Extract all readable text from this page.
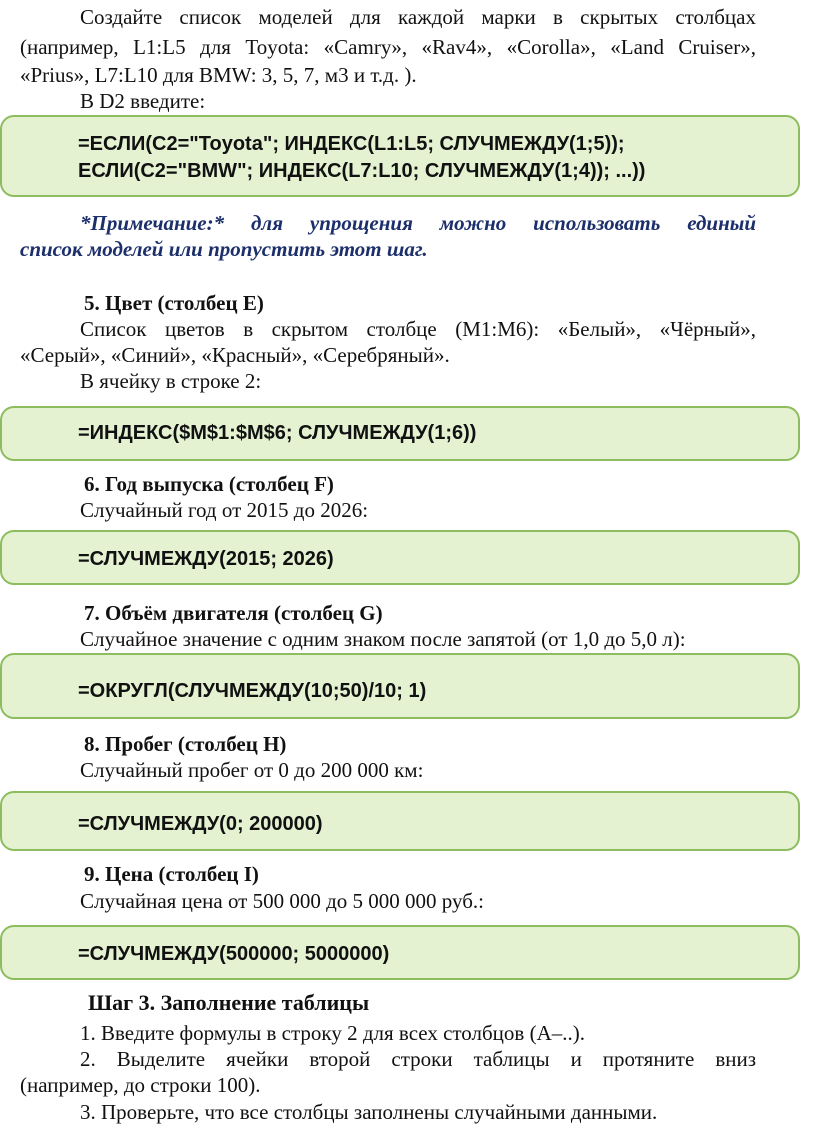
Создайте список моделей для каждой марки в скрытых столбцах
(например, L1:L5 для Toyota: «Camry», «Rav4», «Corolla», «Land Cruiser»,
«Prius», L7:L10 для BMW: 3, 5, 7, м3 и т.д. ).
В D2 введите:
=ЕСЛИ(C2="Toyota"; ИНДЕКС(L1:L5; СЛУЧМЕЖДУ(1;5));
ЕСЛИ(C2="BMW"; ИНДЕКС(L7:L10; СЛУЧМЕЖДУ(1;4)); ...))
*Примечание:* для упрощения можно использовать единый
список моделей или пропустить этот шаг.
5. Цвет (столбец E)
Список цветов в скрытом столбце (M1:M6): «Белый», «Чёрный»,
«Серый», «Синий», «Красный», «Серебряный».
В ячейку в строке 2:
=ИНДЕКС($M$1:$M$6; СЛУЧМЕЖДУ(1;6))
6. Год выпуска (столбец F)
Случайный год от 2015 до 2026:
=СЛУЧМЕЖДУ(2015; 2026)
7. Объём двигателя (столбец G)
Случайное значение с одним знаком после запятой (от 1,0 до 5,0 л):
=ОКРУГЛ(СЛУЧМЕЖДУ(10;50)/10; 1)
8. Пробег (столбец H)
Случайный пробег от 0 до 200 000 км:
=СЛУЧМЕЖДУ(0; 200000)
9. Цена (столбец I)
Случайная цена от 500 000 до 5 000 000 руб.:
=СЛУЧМЕЖДУ(500000; 5000000)
Шаг 3. Заполнение таблицы
1. Введите формулы в строку 2 для всех столбцов (A–..).
2. Выделите ячейки второй строки таблицы и протяните вниз
(например, до строки 100).
3. Проверьте, что все столбцы заполнены случайными данными.
